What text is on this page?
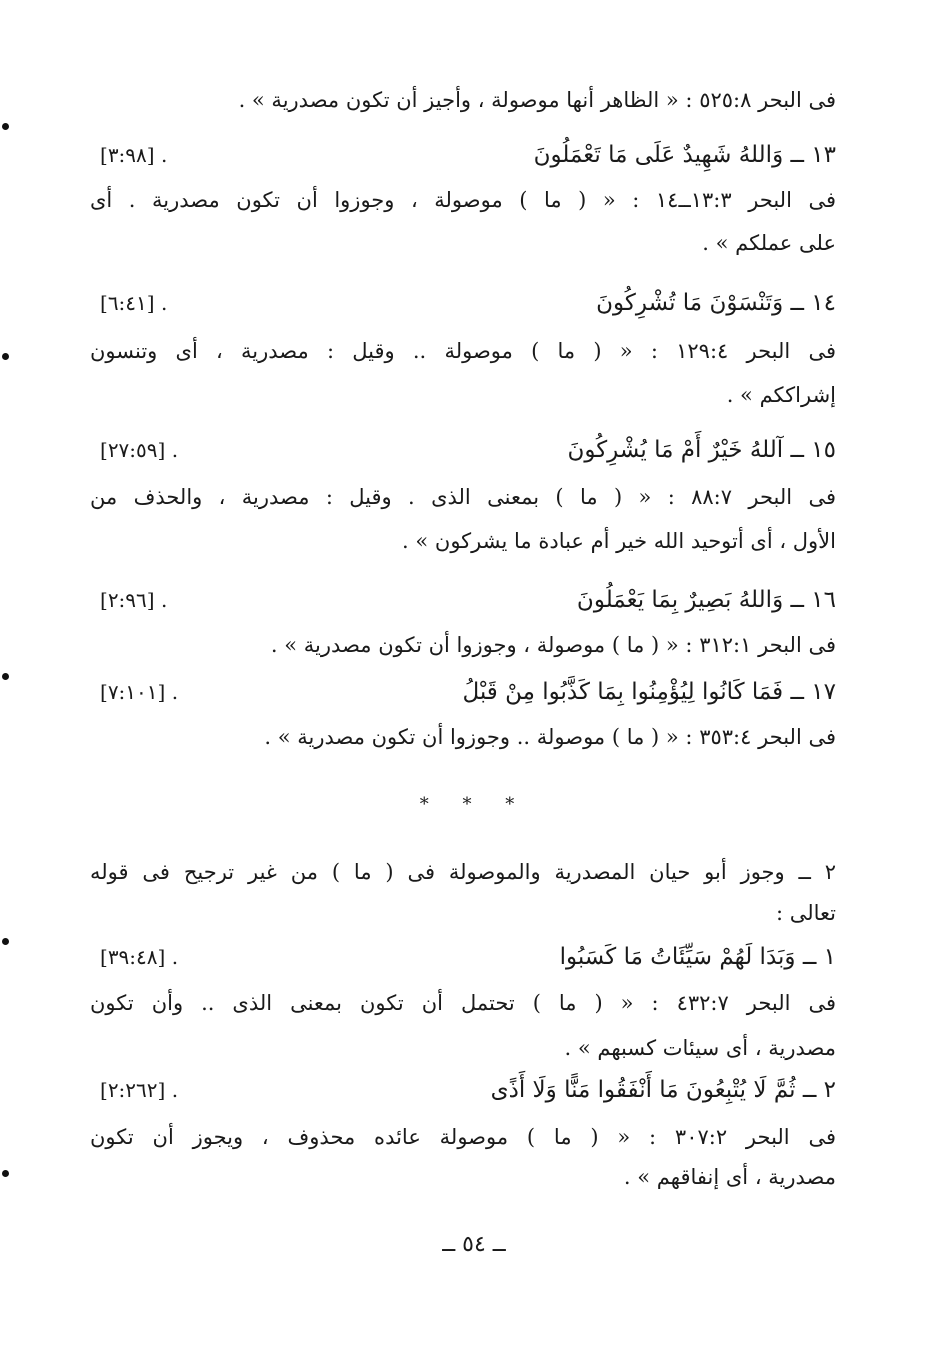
فى البحر ٥٢٥:٨ : « الظاهر أنها موصولة ، وأجيز أن تكون مصدرية » .
١٣ ــ وَاللهُ شَهِيدٌ عَلَى مَا تَعْمَلُونَ
[٣:٩٨] .
فى البحر ١٣:٣ــ١٤ : « ( ما ) موصولة ، وجوزوا أن تكون مصدرية . أى
على عملكم » .
١٤ ــ وَتَنْسَوْنَ مَا تُشْرِكُونَ
[٦:٤١] .
فى البحر ١٢٩:٤ : « ( ما ) موصولة .. وقيل : مصدرية ، أى وتنسون
إشراككم » .
١٥ ــ آللهُ خَيْرٌ أَمْ مَا يُشْرِكُونَ
[٢٧:٥٩] .
فى البحر ٨٨:٧ : « ( ما ) بمعنى الذى . وقيل : مصدرية ، والحذف من
الأول ، أى أتوحيد الله خير أم عبادة ما يشركون » .
١٦ ــ وَاللهُ بَصِيرٌ بِمَا يَعْمَلُونَ
[٢:٩٦] .
فى البحر ٣١٢:١ : « ( ما ) موصولة ، وجوزوا أن تكون مصدرية » .
١٧ ــ فَمَا كَانُوا لِيُؤْمِنُوا بِمَا كَذَّبُوا مِنْ قَبْلُ
[٧:١٠١] .
فى البحر ٣٥٣:٤ : « ( ما ) موصولة .. وجوزوا أن تكون مصدرية » .
* * *
٢ ــ وجوز أبو حيان المصدرية والموصولة فى ( ما ) من غير ترجيح فى قوله
تعالى :
١ ــ وَبَدَا لَهُمْ سَيِّئَاتُ مَا كَسَبُوا
[٣٩:٤٨] .
فى البحر ٤٣٢:٧ : « ( ما ) تحتمل أن تكون بمعنى الذى .. وأن تكون
مصدرية ، أى سيئات كسبهم » .
٢ ــ ثُمَّ لَا يُتْبِعُونَ مَا أَنْفَقُوا مَنًّا وَلَا أَذًى
[٢:٢٦٢] .
فى البحر ٣٠٧:٢ : « ( ما ) موصولة عائده محذوف ، ويجوز أن تكون
مصدرية ، أى إنفاقهم » .
ــ ٥٤ ــ
